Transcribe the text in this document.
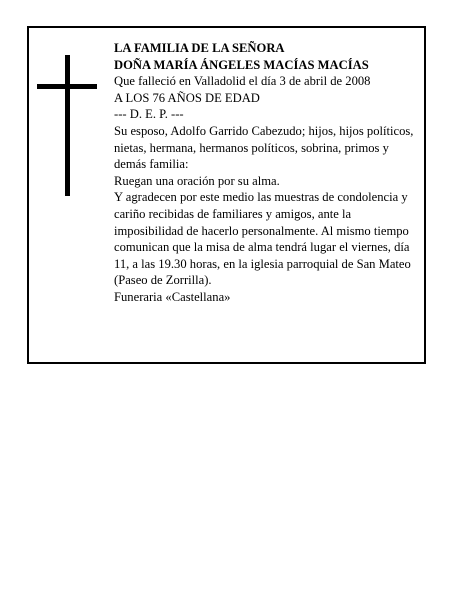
LA FAMILIA DE LA SEÑORA

DOÑA MARÍA ÁNGELES MACÍAS MACÍAS

Que falleció en Valladolid el día 3 de abril de 2008

A LOS 76 AÑOS DE EDAD

--- D. E. P. ---

Su esposo, Adolfo Garrido Cabezudo; hijos, hijos políticos, nietas, hermana, hermanos políticos, sobrina, primos y demás familia:

Ruegan una oración por su alma.

Y agradecen por este medio las muestras de condolencia y cariño recibidas de familiares y amigos, ante la imposibilidad de hacerlo personalmente. Al mismo tiempo comunican que la misa de alma tendrá lugar el viernes, día 11, a las 19.30 horas, en la iglesia parroquial de San Mateo (Paseo de Zorrilla).

Funeraria «Castellana»
